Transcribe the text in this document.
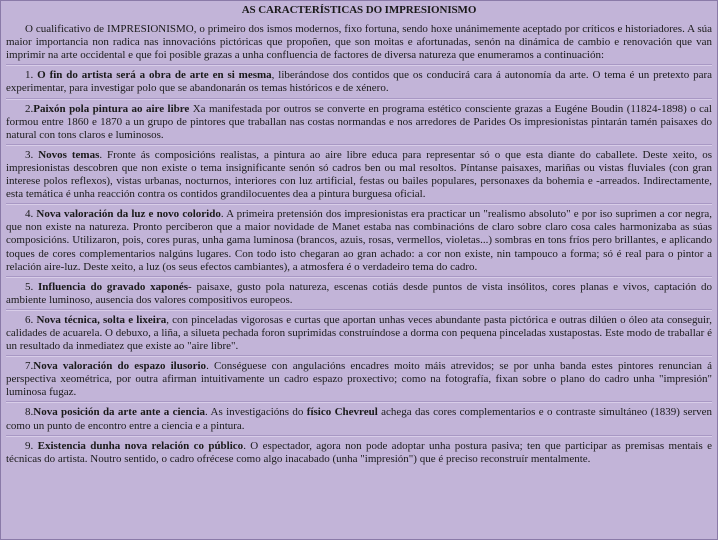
AS CARACTERÍSTICAS DO IMPRESIONISMO

O cualificativo de IMPRESIONISMO, o primeiro dos ismos modernos, fixo fortuna, sendo hoxe unánimemente aceptado por críticos e historiadores. A súa maior importancia non radica nas innovacións pictóricas que propoñen, que son moitas e afortunadas, senón na dinámica de cambio e renovación que van imprimir na arte occidental e que foi posible grazas a unha confluencia de factores de diversa natureza que enumeramos a continuación:

1. O fin do artista será a obra de arte en si mesma, liberándose dos contidos que os conducirá cara á autonomía da arte. O tema é un pretexto para experimentar, para investigar polo que se abandonarán os temas históricos e de xénero.

2.Paixón pola pintura ao aire libre Xa manifestada por outros se converte en programa estético consciente grazas a Eugéne Boudin (11824-1898) o cal formou entre 1860 e 1870 a un grupo de pintores que traballan nas costas normandas e nos arredores de Parides Os impresionistas pintarán tamén paisaxes do natural con tons claros e luminosos.

3. Novos temas. Fronte ás composicións realistas, a pintura ao aire libre educa para representar só o que esta diante do caballete. Deste xeito, os impresionistas descobren que non existe o tema insignificante senón só cadros ben ou mal resoltos. Píntanse paisaxes, mariñas ou vistas fluviales (con gran interese polos reflexos), vistas urbanas, nocturnos, interiores con luz artificial, festas ou bailes populares, personaxes da bohemia e -arreados. Indirectamente, esta temática é unha reacción contra os contidos grandilocuentes dea a pintura burguesa oficial.

4. Nova valoración da luz e novo colorido. A primeira pretensión dos impresionistas era practicar un "realismo absoluto" e por iso suprimen a cor negra, que non existe na natureza. Pronto perciberon que a maior novidade de Manet estaba nas combinacións de claro sobre claro cosa cales harmonizaba as súas composicións. Utilizaron, pois, cores puras, unha gama luminosa (brancos, azuis, rosas, vermellos, violetas...) sombras en tons fríos pero brillantes, e aplicando toques de cores complementarios nalgúns lugares. Con todo isto chegaran ao gran achado: a cor non existe, nin tampouco a forma; só é real para o pintor a relación aire-luz. Deste xeito, a luz (os seus efectos cambiantes), a atmosfera é o verdadeiro tema do cadro.

5. Influencia do gravado xaponés- paisaxe, gusto pola natureza, escenas cotiás desde puntos de vista insólitos, cores planas e vivos, captación do ambiente luminoso, ausencia dos valores compositivos europeos.

6. Nova técnica, solta e lixeira, con pinceladas vigorosas e curtas que aportan unhas veces abundante pasta pictórica e outras dilúen o óleo ata conseguir, calidades de acuarela. O debuxo, a liña, a silueta pechada foron suprimidas construíndose a dorma con pequena pinceladas xustapostas. Este modo de traballar é un resultado da inmediatez que existe ao "aire libre".

7.Nova valoración do espazo ilusorio. Conséguese con angulacións encadres moito máis atrevidos; se por unha banda estes pintores renuncian á perspectiva xeométrica, por outra afirman intuitivamente un cadro espazo proxectivo; como na fotografía, fixan sobre o plano do cadro unha "impresión" luminosa fugaz.

8.Nova posición da arte ante a ciencia. As investigacións do físico Chevreul achega das cores complementarios e o contraste simultáneo (1839) serven como un punto de encontro entre a ciencia e a pintura.

9. Existencia dunha nova relación co público. O espectador, agora non pode adoptar unha postura pasiva; ten que participar as premisas mentais e técnicas do artista. Noutro sentido, o cadro ofrécese como algo inacabado (unha "impresión") que é preciso reconstruír mentalmente.
